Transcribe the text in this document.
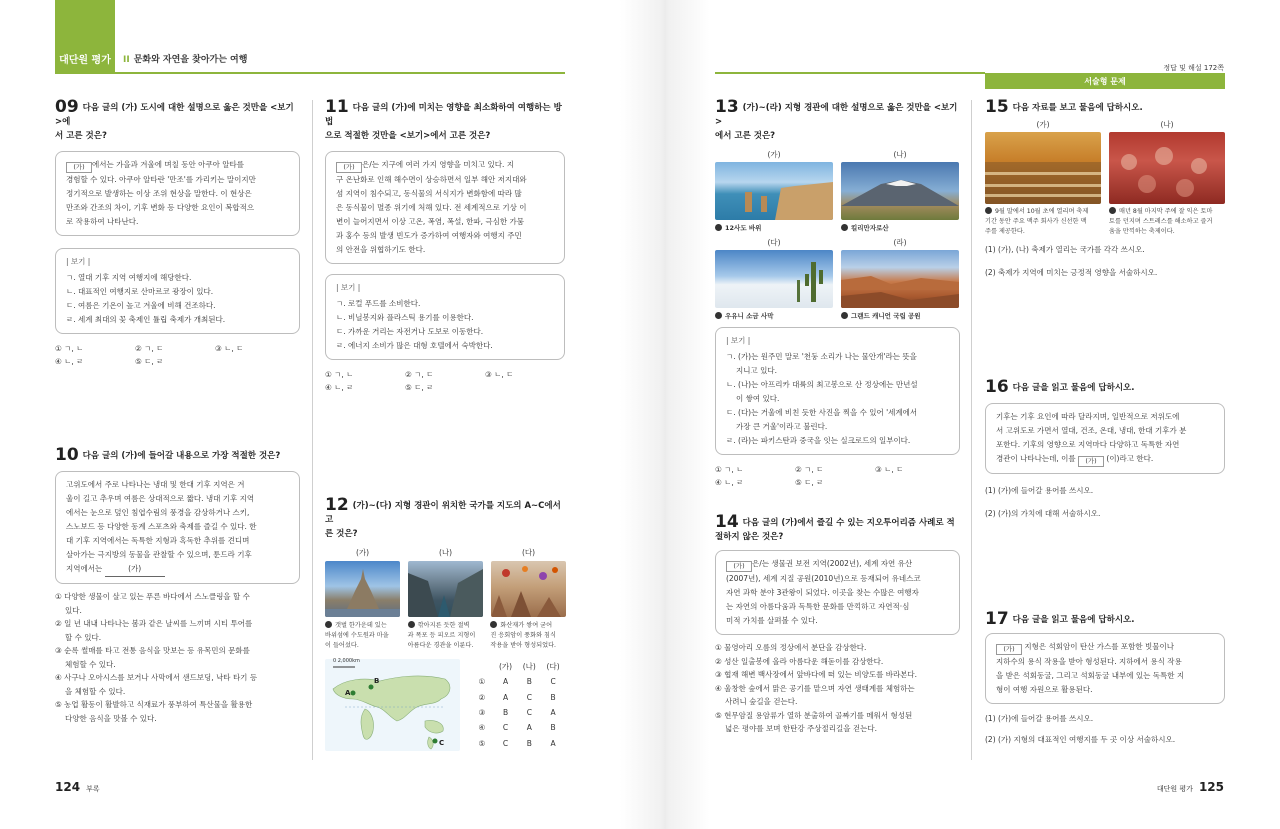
대단원 평가	II 문화와 자연을 찾아가는 여행
정답 및 해설 172쪽
서술형 문제
09 다음 글의 (가) 도시에 대한 설명으로 옳은 것만을 <보기>에
서 고른 것은?
(가) 에서는 가을과 겨울에 며칠 동안 아쿠아 알타를
경험할 수 있다. 아쿠아 알타란 '만조'를 가리키는 말이지만
정기적으로 발생하는 이상 조위 현상을 말한다. 이 현상은
만조와 간조의 차이, 기후 변화 등 다양한 요인이 복합적으
로 작용하여 나타난다.
| 보기 |
ㄱ. 열대 기후 지역 여행지에 해당한다.
ㄴ. 대표적인 여행지로 산마르코 광장이 있다.
ㄷ. 여름은 기온이 높고 겨울에 비해 건조하다.
ㄹ. 세계 최대의 꽃 축제인 튤립 축제가 개최된다.
① ㄱ, ㄴ	② ㄱ, ㄷ	③ ㄴ, ㄷ
④ ㄴ, ㄹ	⑤ ㄷ, ㄹ
10 다음 글의 (가)에 들어갈 내용으로 가장 적절한 것은?
고위도에서 주로 나타나는 냉대 및 한대 기후 지역은 겨
울이 길고 추우며 여름은 상대적으로 짧다. 냉대 기후 지역
에서는 눈으로 덮인 침엽수림의 풍경을 감상하거나 스키,
스노보드 등 다양한 동계 스포츠와 축제를 즐길 수 있다. 한
대 기후 지역에서는 독특한 지형과 혹독한 추위를 견디며
살아가는 극지방의 동물을 관찰할 수 있으며, 툰드라 기후
지역에서는	(가)
① 다양한 생물이 살고 있는 푸른 바다에서 스노클링을 할 수
있다.
② 일 년 내내 나타나는 봄과 같은 날씨를 느끼며 시티 투어를
할 수 있다.
③ 순록 썰매를 타고 전통 음식을 맛보는 등 유목민의 문화를
체험할 수 있다.
④ 사구나 오아시스를 보거나 사막에서 샌드보딩, 낙타 타기 등
을 체험할 수 있다.
⑤ 농업 활동이 활발하고 식재료가 풍부하여 특산물을 활용한
다양한 음식을 맛볼 수 있다.
11 다음 글의 (가)에 미치는 영향을 최소화하여 여행하는 방법
으로 적절한 것만을 <보기>에서 고른 것은?
(가) 은/는 지구에 여러 가지 영향을 미치고 있다. 지
구 온난화로 인해 해수면이 상승하면서 일부 해안 저지대와
섬 지역이 침수되고, 동식물의 서식지가 변화함에 따라 많
은 동식물이 멸종 위기에 처해 있다. 전 세계적으로 기상 이
변이 늘어지면서 이상 고온, 폭염, 폭설, 한파, 극심한 가뭄
과 홍수 등의 발생 빈도가 증가하여 여행자와 여행지 주민
의 안전을 위협하기도 한다.
| 보기 |
ㄱ. 로컬 푸드를 소비한다.
ㄴ. 비닐봉지와 플라스틱 용기를 이용한다.
ㄷ. 가까운 거리는 자전거나 도보로 이동한다.
ㄹ. 에너지 소비가 많은 대형 호텔에서 숙박한다.
① ㄱ, ㄴ	② ㄱ, ㄷ	③ ㄴ, ㄷ
④ ㄴ, ㄹ	⑤ ㄷ, ㄹ
12 (가)~(다) 지형 경관이 위치한 국가를 지도의 A~C에서 고
른 것은?
(가)	(나)	(다)
갯벌 한가운데 있는
바위섬에 수도원과 마을
이 들어섰다.
깎아지른 듯한 절벽
과 폭포 등 피오르 지형이
아름다운 경관을 이룬다.
화산재가 쌓여 굳어
진 응회암이 풍화와 침식
작용을 받아 형성되었다.
0 2,000km
A
B
C
	(가)	(나)	(다)
①	A	B	C
②	A	C	B
③	B	C	A
④	C	A	B
⑤	C	B	A
13 (가)~(라) 지형 경관에 대한 설명으로 옳은 것만을 <보기>
에서 고른 것은?
(가)
12사도 바위
(나)
킬리만자로산
(다)
우유니 소금 사막
(라)
그랜드 캐니언 국립 공원
| 보기 |
ㄱ. (가)는 원주민 말로 '천둥 소리가 나는 물안개'라는 뜻을
지니고 있다.
ㄴ. (나)는 아프리카 대륙의 최고봉으로 산 정상에는 만년설
이 쌓여 있다.
ㄷ. (다)는 거울에 비친 듯한 사진을 찍을 수 있어 '세계에서
가장 큰 거울'이라고 불린다.
ㄹ. (라)는 파키스탄과 중국을 잇는 실크로드의 일부이다.
① ㄱ, ㄴ	② ㄱ, ㄷ	③ ㄴ, ㄷ
④ ㄴ, ㄹ	⑤ ㄷ, ㄹ
14 다음 글의 (가)에서 즐길 수 있는 지오투어리즘 사례로 적
절하지 않은 것은?
(가) 은/는 생물권 보전 지역(2002년), 세계 자연 유산
(2007년), 세계 지질 공원(2010년)으로 등재되어 유네스코
자연 과학 분야 3관왕이 되었다. 이곳을 찾는 수많은 여행자
는 자연의 아름다움과 독특한 문화를 만끽하고 자연적·심
미적 가치를 살펴볼 수 있다.
① 물영아리 오름의 정상에서 분단을 감상한다.
② 성산 일출봉에 올라 아름다운 해돋이를 감상한다.
③ 협재 해변 백사장에서 앞바다에 떠 있는 비양도를 바라본다.
④ 울창한 숲에서 맑은 공기를 맡으며 자연 생태계를 체험하는
사려니 숲길을 걷는다.
⑤ 현무암질 용암류가 열하 분출하여 골짜기를 메워서 형성된
넓은 평야를 보며 한탄강 주상절리길을 걷는다.
15 다음 자료를 보고 물음에 답하시오.
(가)
9월 말에서 10월 초에 열리며 축제
기간 동안 주요 맥주 회사가 신선한 맥
주를 제공한다.
(나)
매년 8월 마지막 주에 잘 익은 토마
토를 던지며 스트레스를 해소하고 즐거
움을 만끽하는 축제이다.
(1) (가), (나) 축제가 열리는 국가를 각각 쓰시오.
(2) 축제가 지역에 미치는 긍정적 영향을 서술하시오.
16 다음 글을 읽고 물음에 답하시오.
기후는 기후 요인에 따라 달라지며, 일반적으로 저위도에
서 고위도로 가면서 열대, 건조, 온대, 냉대, 한대 기후가 분
포한다. 기후의 영향으로 지역마다 다양하고 독특한 자연
경관이 나타나는데, 이를 (가) (이)라고 한다.
(1) (가)에 들어갈 용어를 쓰시오.
(2) (가)의 가치에 대해 서술하시오.
17 다음 글을 읽고 물음에 답하시오.
(가) 지형은 석회암이 탄산 가스를 포함한 빗물이나
지하수의 용식 작용을 받아 형성된다. 지하에서 용식 작용
을 받은 석회동굴, 그리고 석회동굴 내부에 있는 독특한 지
형이 여행 자원으로 활용된다.
(1) (가)에 들어갈 용어를 쓰시오.
(2) (가) 지형의 대표적인 여행지를 두 곳 이상 서술하시오.
124 부록	대단원 평가 125
